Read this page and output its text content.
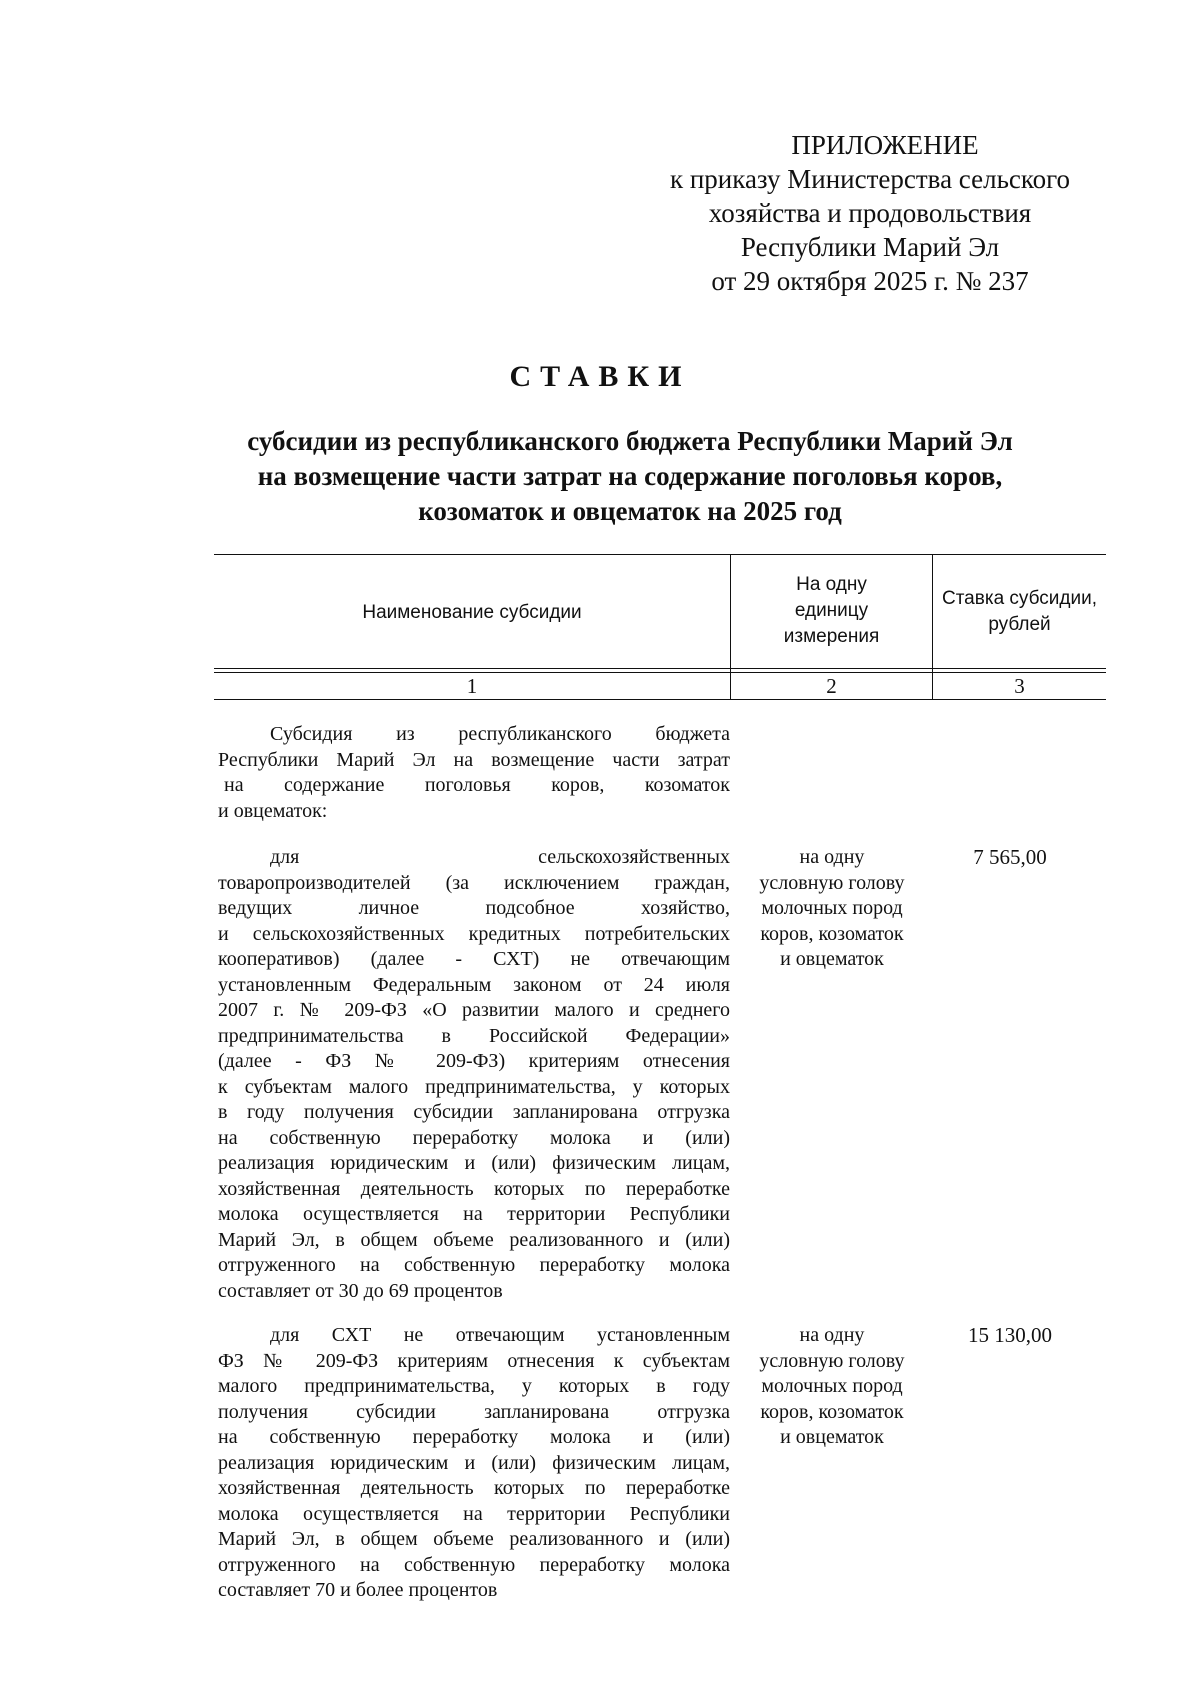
ПРИЛОЖЕНИЕ
к приказу Министерства сельского
хозяйства и продовольствия
Республики Марий Эл
от 29 октября 2025 г. № 237
СТАВКИ
субсидии из республиканского бюджета Республики Марий Эл
на возмещение части затрат на содержание поголовья коров,
козоматок и овцематок на 2025 год
Наименование субсидии
На одну
единицу
измерения
Ставка субсидии,
рублей
1	2	3
Субсидия из республиканского бюджета
Республики Марий Эл на возмещение части затрат
на содержание поголовья коров, козоматок
и овцематок:
для сельскохозяйственных
товаропроизводителей (за исключением граждан,
ведущих личное подсобное хозяйство,
и сельскохозяйственных кредитных потребительских
кооперативов) (далее - СХТ) не отвечающим
установленным Федеральным законом от 24 июля
2007 г. № 209-ФЗ «О развитии малого и среднего
предпринимательства в Российской Федерации»
(далее - ФЗ № 209-ФЗ) критериям отнесения
к субъектам малого предпринимательства, у которых
в году получения субсидии запланирована отгрузка
на собственную переработку молока и (или)
реализация юридическим и (или) физическим лицам,
хозяйственная деятельность которых по переработке
молока осуществляется на территории Республики
Марий Эл, в общем объеме реализованного и (или)
отгруженного на собственную переработку молока
составляет от 30 до 69 процентов
на одну
условную голову
молочных пород
коров, козоматок
и овцематок
7 565,00
для СХТ не отвечающим установленным
ФЗ № 209-ФЗ критериям отнесения к субъектам
малого предпринимательства, у которых в году
получения субсидии запланирована отгрузка
на собственную переработку молока и (или)
реализация юридическим и (или) физическим лицам,
хозяйственная деятельность которых по переработке
молока осуществляется на территории Республики
Марий Эл, в общем объеме реализованного и (или)
отгруженного на собственную переработку молока
составляет 70 и более процентов
на одну
условную голову
молочных пород
коров, козоматок
и овцематок
15 130,00
